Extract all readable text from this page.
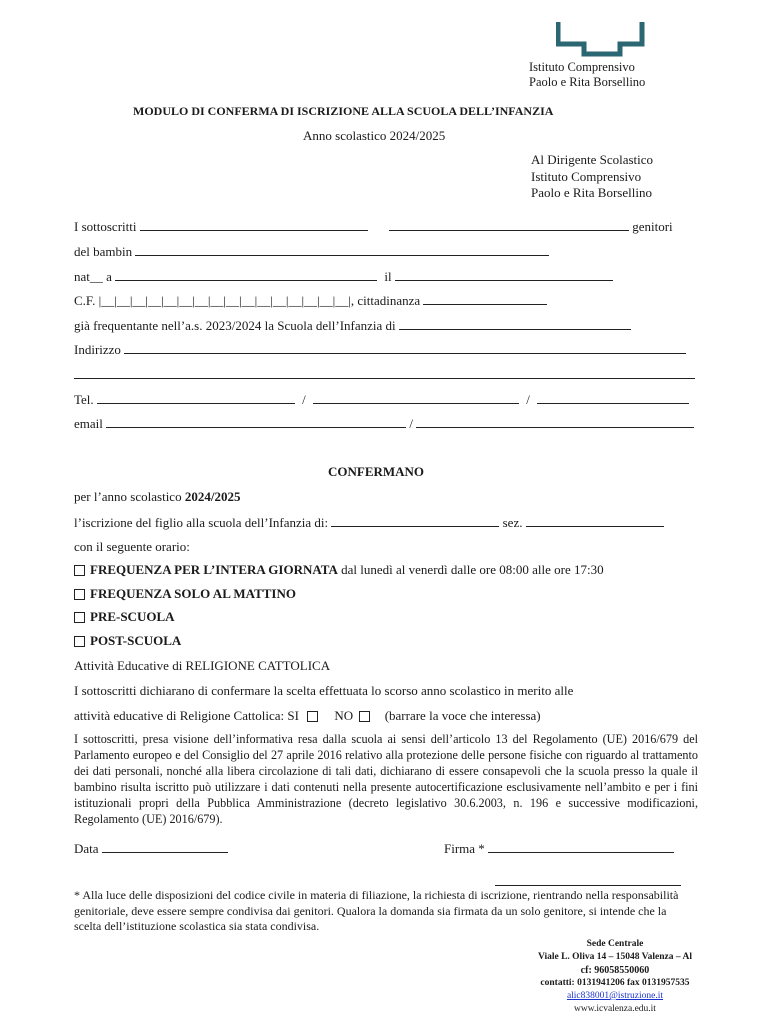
Istituto Comprensivo
Paolo e Rita Borsellino
MODULO DI CONFERMA DI ISCRIZIONE ALLA SCUOLA DELL’INFANZIA
Anno scolastico 2024/2025
Al Dirigente Scolastico
Istituto Comprensivo
Paolo e Rita Borsellino
I sottoscritti	genitori
del bambin
nat__ a	il
C.F. |__|__|__|__|__|__|__|__|__|__|__|__|__|__|__|__|, cittadinanza
già frequentante nell’a.s. 2023/2024 la Scuola dell’Infanzia di
Indirizzo
Tel.	/	/
email	/
CONFERMANO
per l’anno scolastico 2024/2025
l’iscrizione del figlio alla scuola dell’Infanzia di:	sez.
con il seguente orario:
FREQUENZA PER L’INTERA GIORNATA dal lunedì al venerdì dalle ore 08:00 alle ore 17:30
FREQUENZA SOLO AL MATTINO
PRE-SCUOLA
POST-SCUOLA
Attività Educative di RELIGIONE CATTOLICA
I sottoscritti dichiarano di confermare la scelta effettuata lo scorso anno scolastico in merito alle
attività educative di Religione Cattolica: SI	NO (barrare la voce che interessa)
I sottoscritti, presa visione dell’informativa resa dalla scuola ai sensi dell’articolo 13 del Regolamento (UE) 2016/679 del Parlamento europeo e del Consiglio del 27 aprile 2016 relativo alla protezione delle persone fisiche con riguardo al trattamento dei dati personali, nonché alla libera circolazione di tali dati, dichiarano di essere consapevoli che la scuola presso la quale il bambino risulta iscritto può utilizzare i dati contenuti nella presente autocertificazione esclusivamente nell’ambito e per i fini istituzionali propri della Pubblica Amministrazione (decreto legislativo 30.6.2003, n. 196 e successive modificazioni, Regolamento (UE) 2016/679).
Data	Firma *
* Alla luce delle disposizioni del codice civile in materia di filiazione, la richiesta di iscrizione, rientrando nella responsabilità genitoriale, deve essere sempre condivisa dai genitori. Qualora la domanda sia firmata da un solo genitore, si intende che la scelta dell’istituzione scolastica sia stata condivisa.
Sede Centrale
Viale L. Oliva 14 – 15048 Valenza – Al
cf: 96058550060
contatti: 0131941206 fax 0131957535
alic838001@istruzione.it
www.icvalenza.edu.it
